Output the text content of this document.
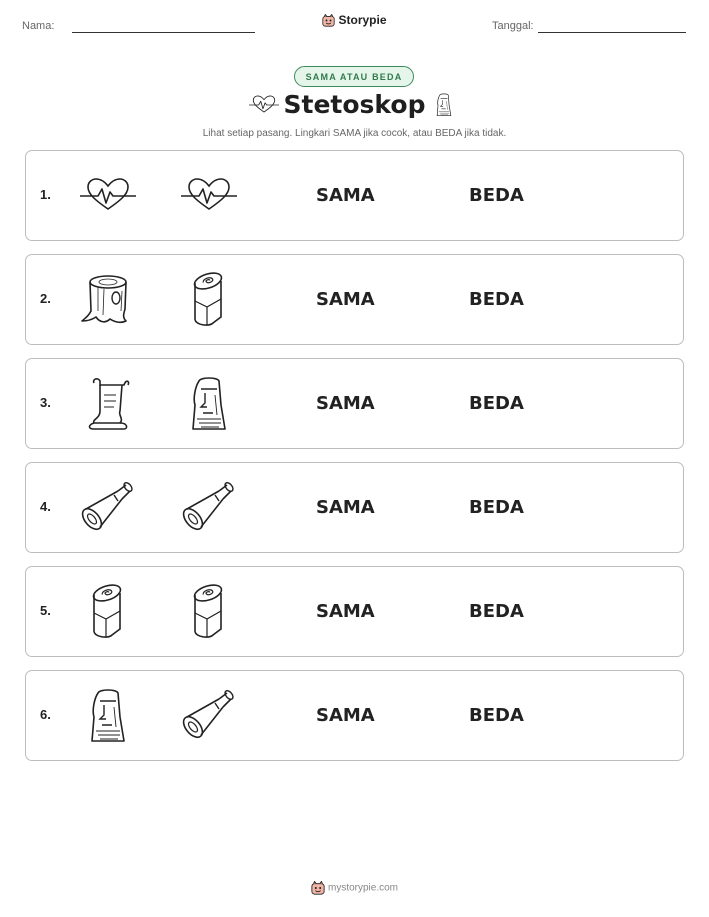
Nama:	Storypie	Tanggal:
SAMA ATAU BEDA
Stetoskop
Lihat setiap pasang. Lingkari SAMA jika cocok, atau BEDA jika tidak.
1.	SAMA	BEDA
2.	SAMA	BEDA
3.	SAMA	BEDA
4.	SAMA	BEDA
5.	SAMA	BEDA
6.	SAMA	BEDA
mystorypie.com
